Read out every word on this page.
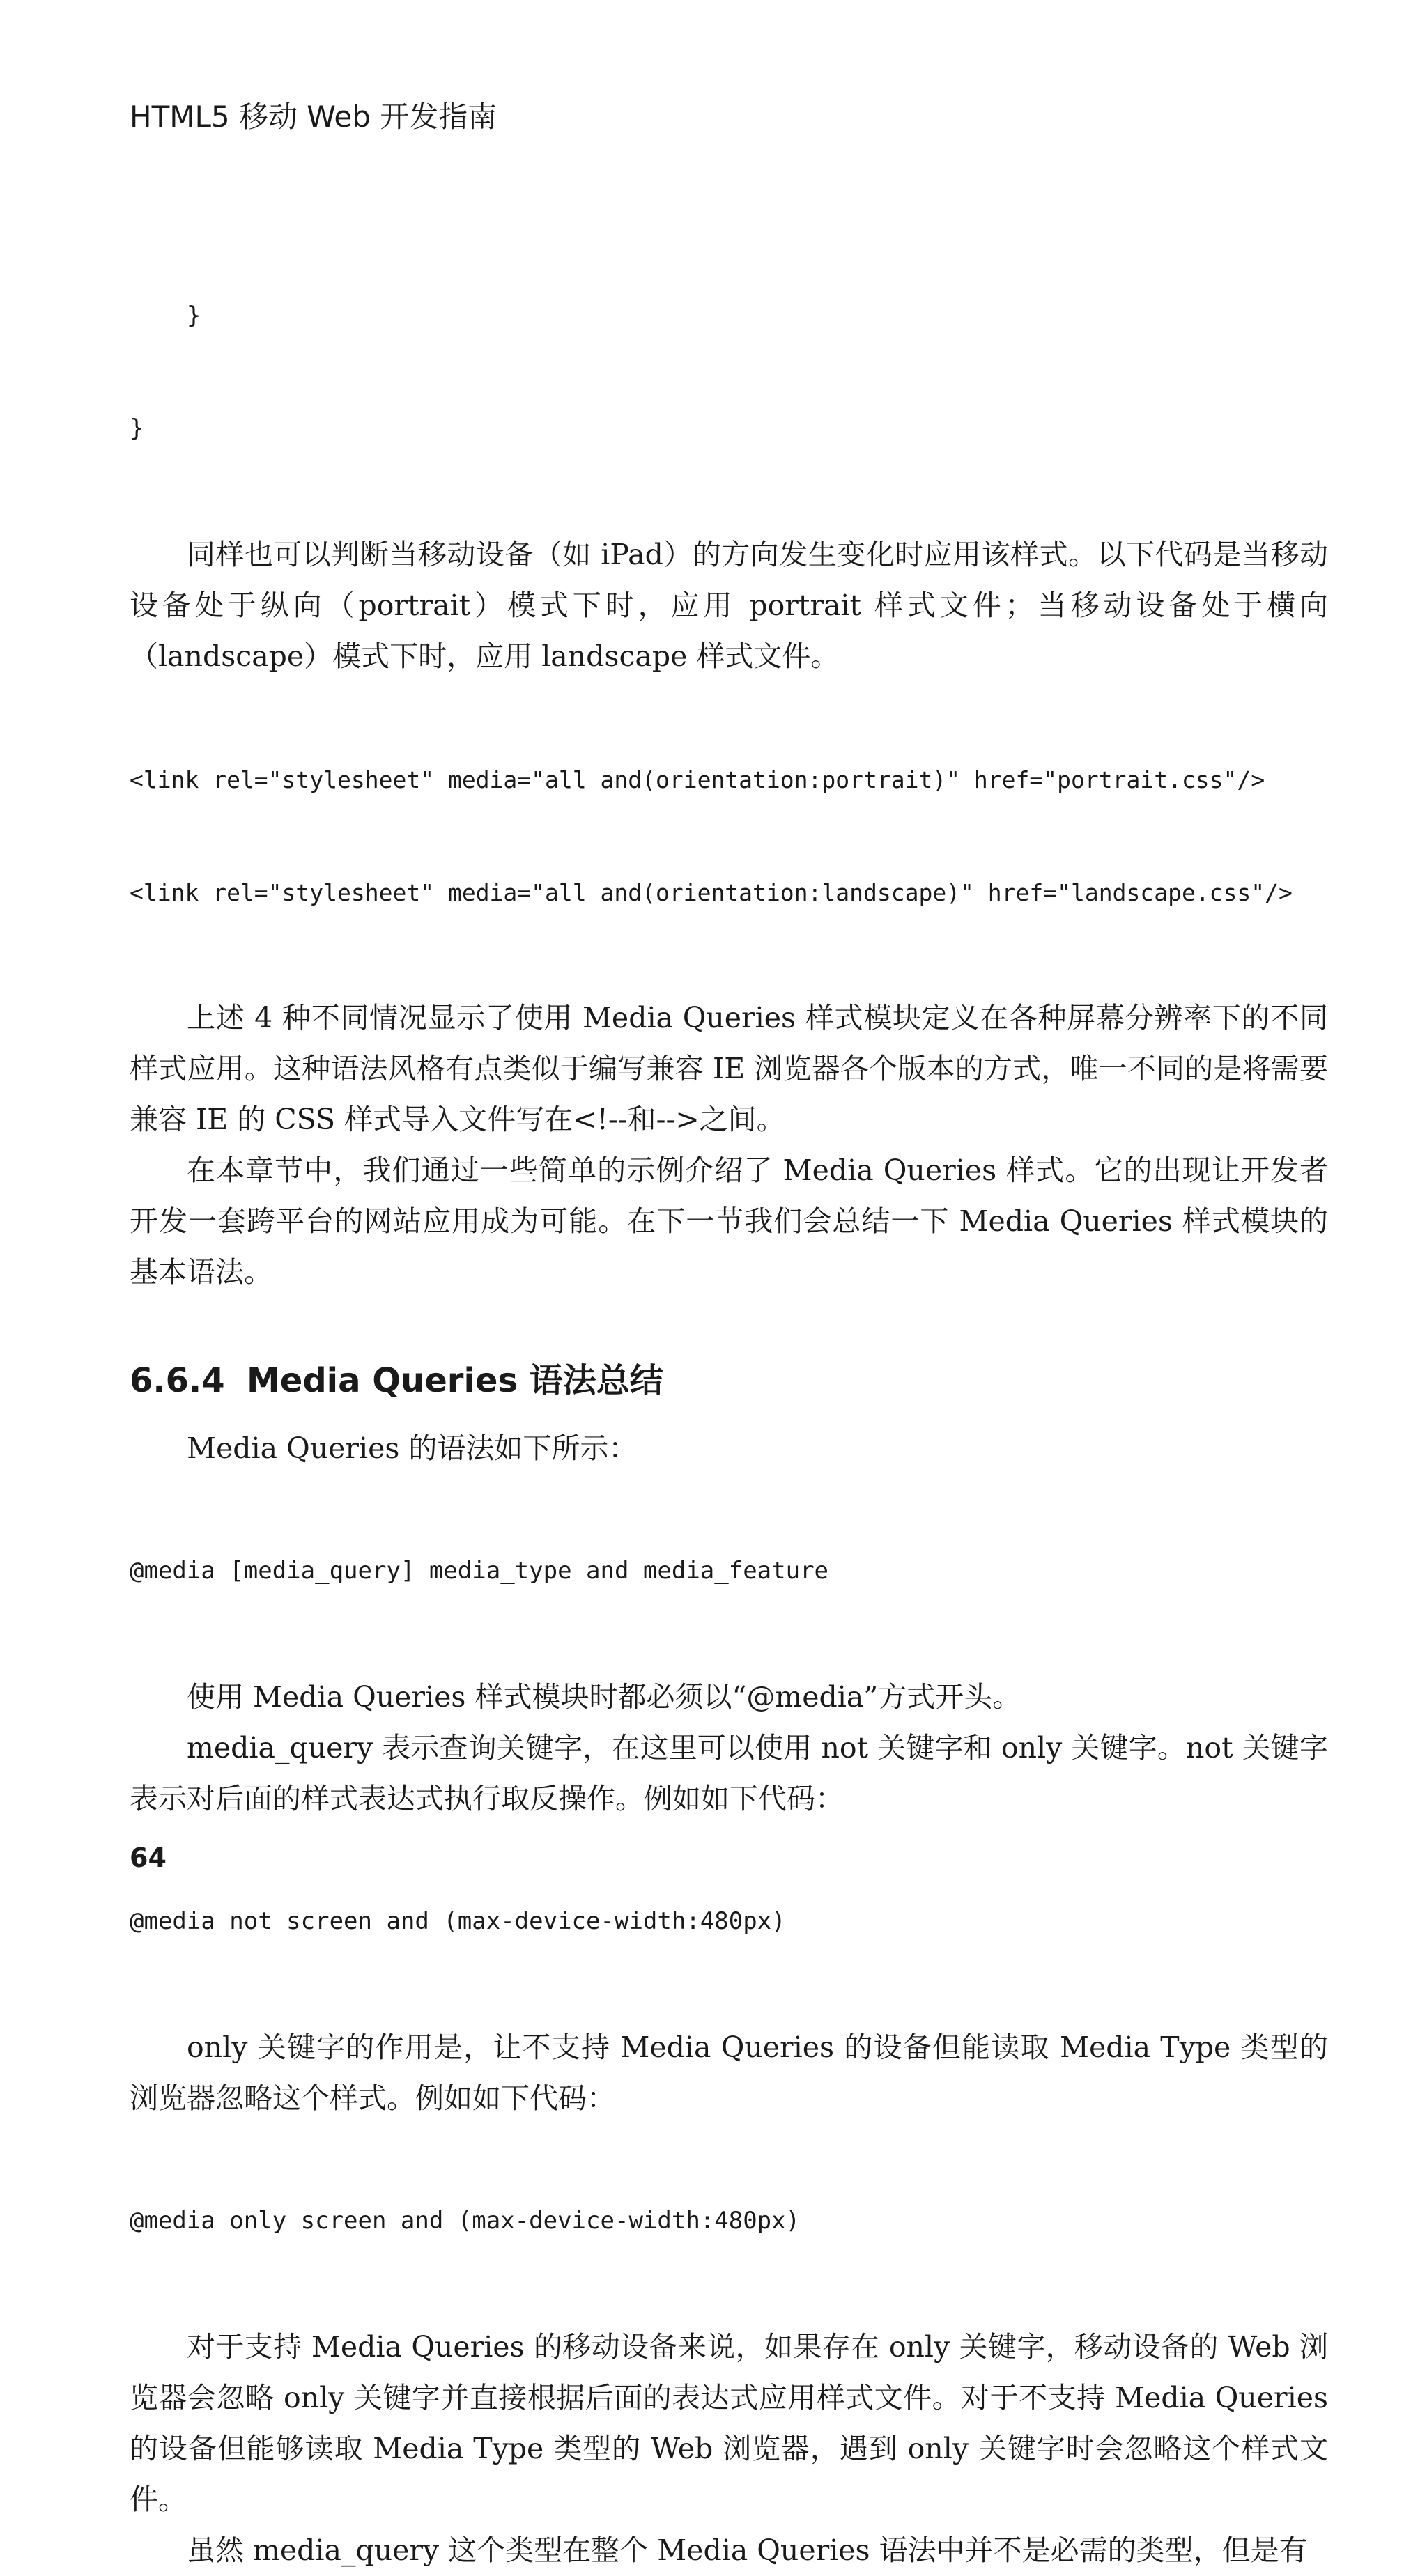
HTML5 移动 Web 开发指南

}

}

同样也可以判断当移动设备（如 iPad）的方向发生变化时应用该样式。以下代码是当移动设备处于纵向（portrait）模式下时，应用 portrait 样式文件；当移动设备处于横向（landscape）模式下时，应用 landscape 样式文件。

<link rel="stylesheet" media="all and(orientation:portrait)" href="portrait.css"/>

<link rel="stylesheet" media="all and(orientation:landscape)" href="landscape.css"/>

上述 4 种不同情况显示了使用 Media Queries 样式模块定义在各种屏幕分辨率下的不同样式应用。这种语法风格有点类似于编写兼容 IE 浏览器各个版本的方式，唯一不同的是将需要兼容 IE 的 CSS 样式导入文件写在<!--和-->之间。

在本章节中，我们通过一些简单的示例介绍了 Media Queries 样式。它的出现让开发者开发一套跨平台的网站应用成为可能。在下一节我们会总结一下 Media Queries 样式模块的基本语法。

6.6.4 Media Queries 语法总结

Media Queries 的语法如下所示：

@media [media_query] media_type and media_feature

使用 Media Queries 样式模块时都必须以“@media”方式开头。

media_query 表示查询关键字，在这里可以使用 not 关键字和 only 关键字。not 关键字表示对后面的样式表达式执行取反操作。例如如下代码：

@media not screen and (max-device-width:480px)

only 关键字的作用是，让不支持 Media Queries 的设备但能读取 Media Type 类型的浏览器忽略这个样式。例如如下代码：

@media only screen and (max-device-width:480px)

对于支持 Media Queries 的移动设备来说，如果存在 only 关键字，移动设备的 Web 浏览器会忽略 only 关键字并直接根据后面的表达式应用样式文件。对于不支持 Media Queries 的设备但能够读取 Media Type 类型的 Web 浏览器，遇到 only 关键字时会忽略这个样式文件。

虽然 media_query 这个类型在整个 Media Queries 语法中并不是必需的类型，但是有

64
